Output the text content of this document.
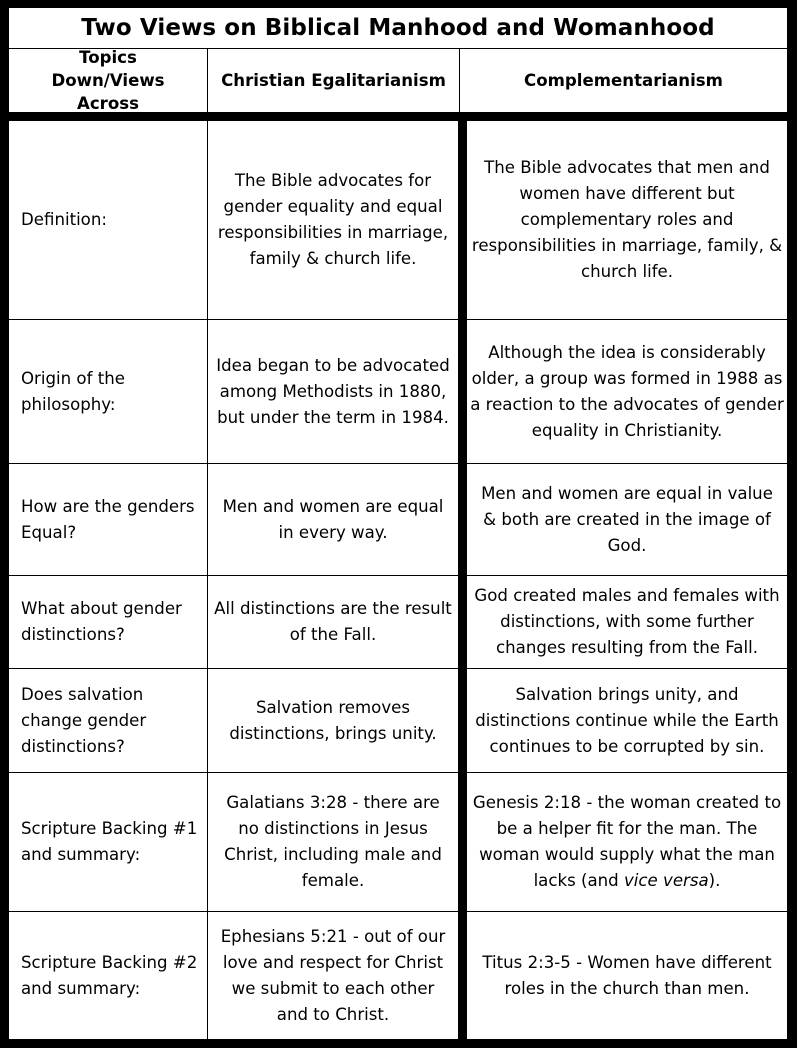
Two Views on Biblical Manhood and Womanhood
Topics Down/Views Across
Christian Egalitarianism	Complementarianism
Definition:
The Bible advocates for gender equality and equal responsibilities in marriage, family & church life.
The Bible advocates that men and women have different but complementary roles and responsibilities in marriage, family, & church life.
Origin of the philosophy:
Idea began to be advocated among Methodists in 1880, but under the term in 1984.
Although the idea is considerably older, a group was formed in 1988 as a reaction to the advocates of gender equality in Christianity.
How are the genders Equal?
Men and women are equal in every way.
Men and women are equal in value & both are created in the image of God.
What about gender distinctions?
All distinctions are the result of the Fall.
God created males and females with distinctions, with some further changes resulting from the Fall.
Does salvation change gender distinctions?
Salvation removes distinctions, brings unity.
Salvation brings unity, and distinctions continue while the Earth continues to be corrupted by sin.
Scripture Backing #1 and summary:
Galatians 3:28 - there are no distinctions in Jesus Christ, including male and female.
Genesis 2:18 - the woman created to be a helper fit for the man. The woman would supply what the man lacks (and vice versa).
Scripture Backing #2 and summary:
Ephesians 5:21 - out of our love and respect for Christ we submit to each other and to Christ.
Titus 2:3-5 - Women have different roles in the church than men.
